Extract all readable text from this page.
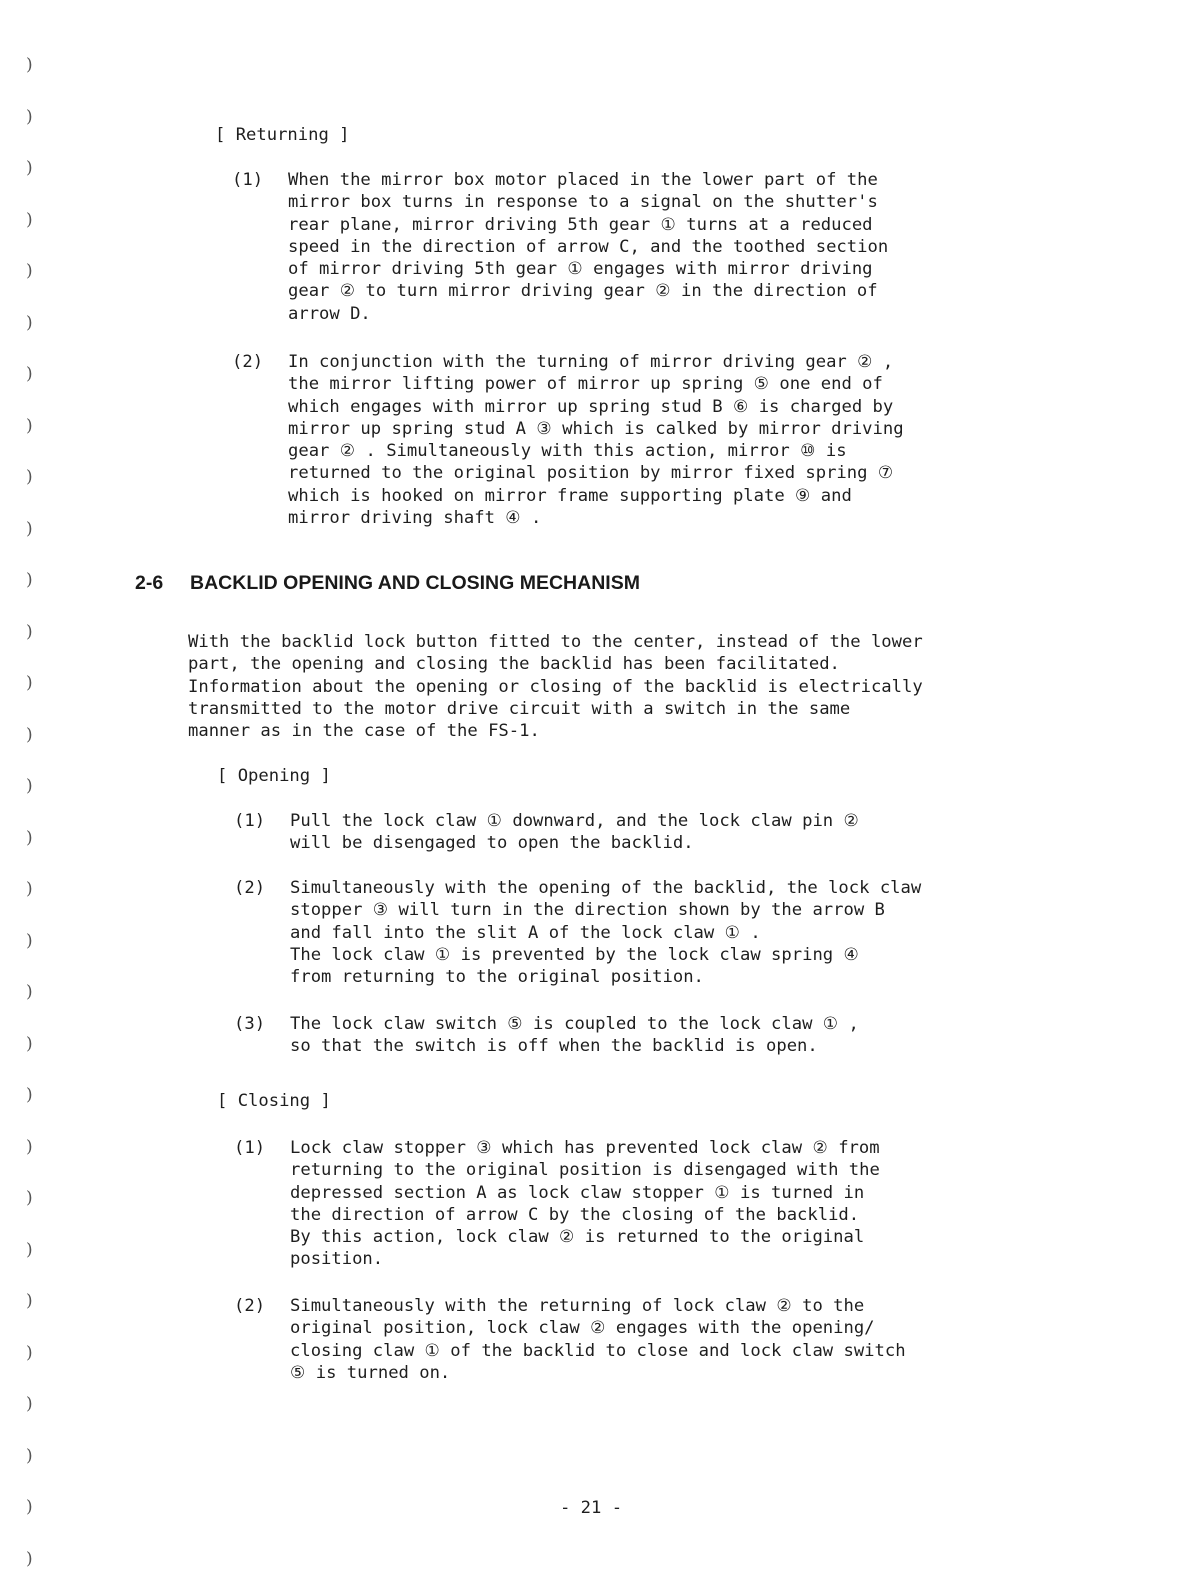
)
)
)
)
)
)
)
)
)
)
)
)
)
)
)
)
)
)
)
)
)
)
)
)
)
)
)
)
)
)
[ Returning ]
(1)	When the mirror box motor placed in the lower part of the
mirror box turns in response to a signal on the shutter's
rear plane, mirror driving 5th gear ① turns at a reduced
speed in the direction of arrow C, and the toothed section
of mirror driving 5th gear ① engages with mirror driving
gear ② to turn mirror driving gear ② in the direction of
arrow D.
(2)	In conjunction with the turning of mirror driving gear ② ,
the mirror lifting power of mirror up spring ⑤ one end of
which engages with mirror up spring stud B ⑥ is charged by
mirror up spring stud A ③ which is calked by mirror driving
gear ② . Simultaneously with this action, mirror ⑩ is
returned to the original position by mirror fixed spring ⑦
which is hooked on mirror frame supporting plate ⑨ and
mirror driving shaft ④ .
2-6 BACKLID OPENING AND CLOSING MECHANISM
With the backlid lock button fitted to the center, instead of the lower
part, the opening and closing the backlid has been facilitated.
Information about the opening or closing of the backlid is electrically
transmitted to the motor drive circuit with a switch in the same
manner as in the case of the FS-1.
[ Opening ]
(1)	Pull the lock claw ① downward, and the lock claw pin ②
will be disengaged to open the backlid.
(2)	Simultaneously with the opening of the backlid, the lock claw
stopper ③ will turn in the direction shown by the arrow B
and fall into the slit A of the lock claw ① .
The lock claw ① is prevented by the lock claw spring ④
from returning to the original position.
(3)	The lock claw switch ⑤ is coupled to the lock claw ① ,
so that the switch is off when the backlid is open.
[ Closing ]
(1)	Lock claw stopper ③ which has prevented lock claw ② from
returning to the original position is disengaged with the
depressed section A as lock claw stopper ① is turned in
the direction of arrow C by the closing of the backlid.
By this action, lock claw ② is returned to the original
position.
(2)	Simultaneously with the returning of lock claw ② to the
original position, lock claw ② engages with the opening/
closing claw ① of the backlid to close and lock claw switch
⑤ is turned on.
- 21 -
